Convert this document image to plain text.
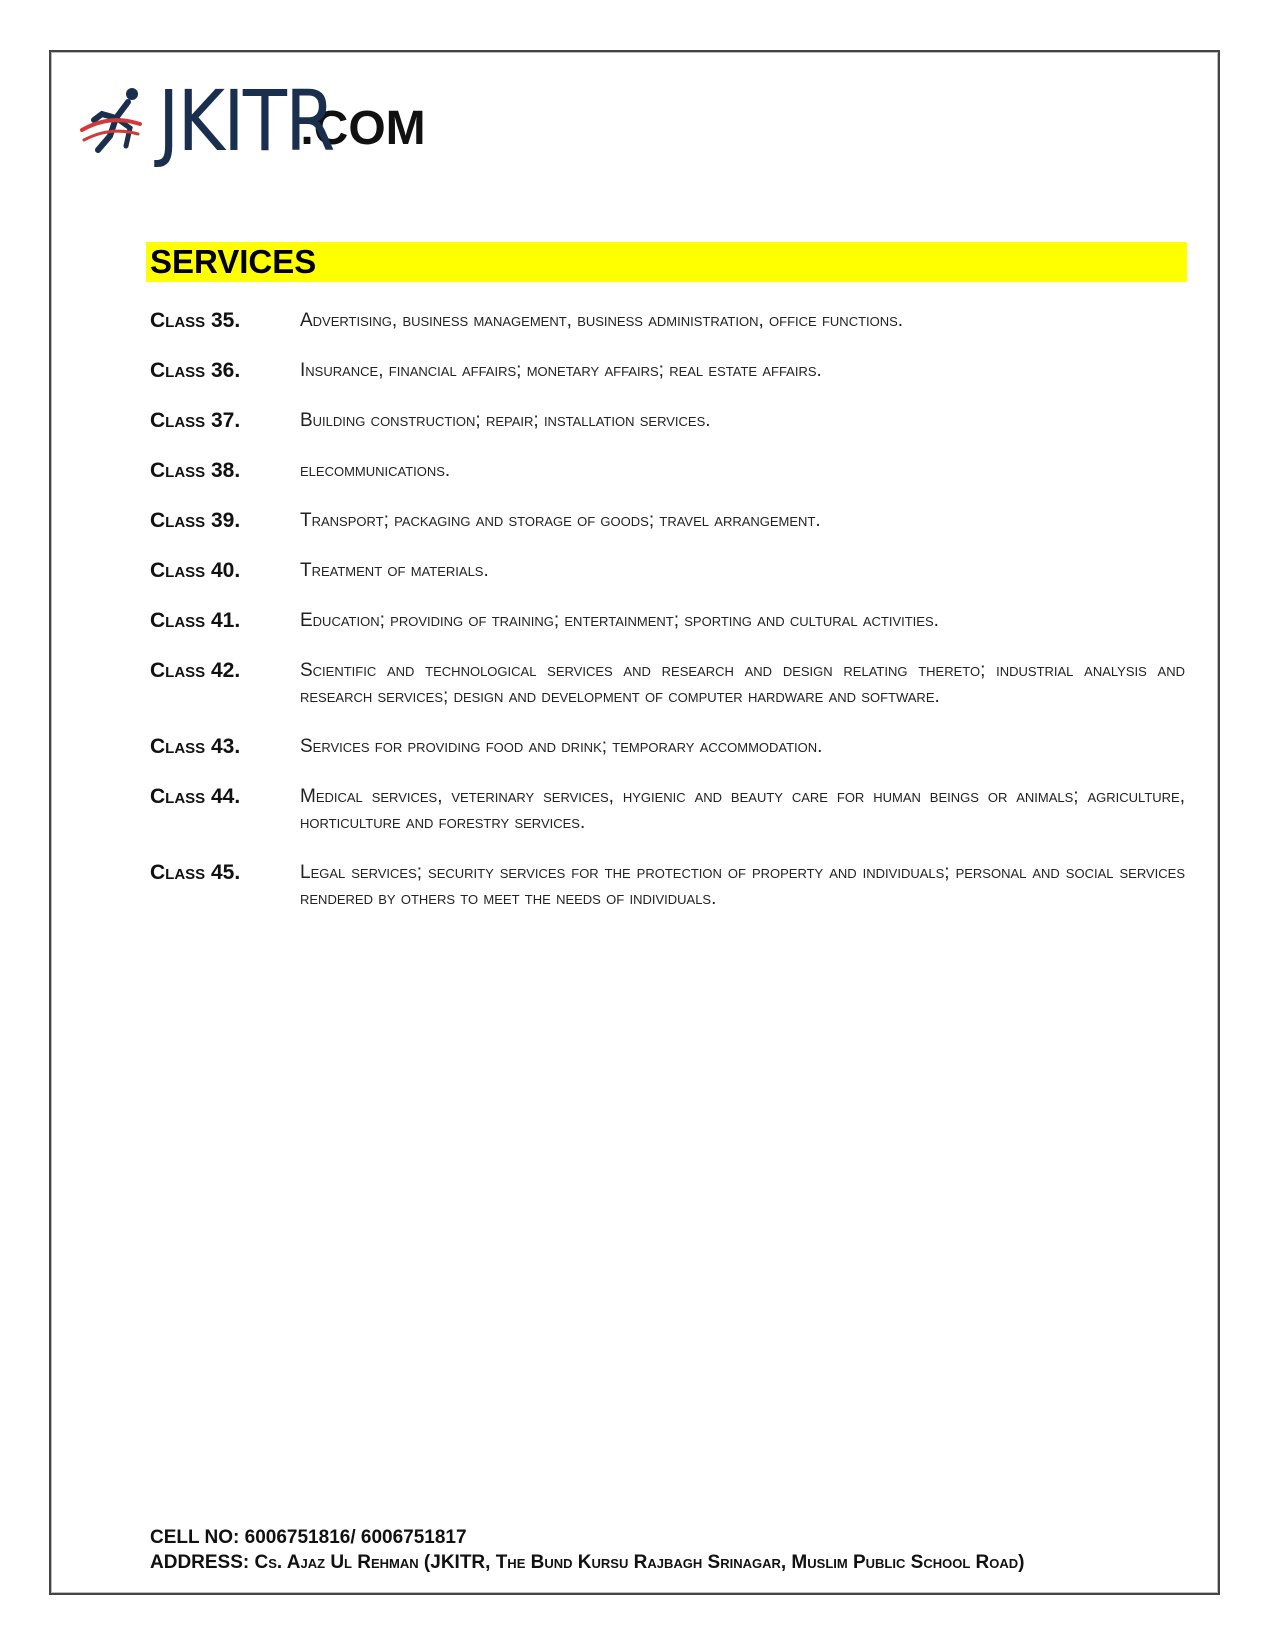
JKITR
.COM
SERVICES
Class 35.	Advertising, business management, business administration, office functions.
Class 36.	Insurance, financial affairs; monetary affairs; real estate affairs.
Class 37.	Building construction; repair; installation services.
Class 38.	elecommunications.
Class 39.	Transport; packaging and storage of goods; travel arrangement.
Class 40.	Treatment of materials.
Class 41.	Education; providing of training; entertainment; sporting and cultural activities.
Class 42.	Scientific and technological services and research and design relating thereto; industrial analysis and research services; design and development of computer hardware and software.
Class 43.	Services for providing food and drink; temporary accommodation.
Class 44.	Medical services, veterinary services, hygienic and beauty care for human beings or animals; agriculture, horticulture and forestry services.
Class 45.	Legal services; security services for the protection of property and individuals; personal and social services rendered by others to meet the needs of individuals.
CELL NO: 6006751816/ 6006751817
ADDRESS: Cs. Ajaz Ul Rehman (JKITR, The Bund Kursu Rajbagh Srinagar, Muslim Public School Road)
